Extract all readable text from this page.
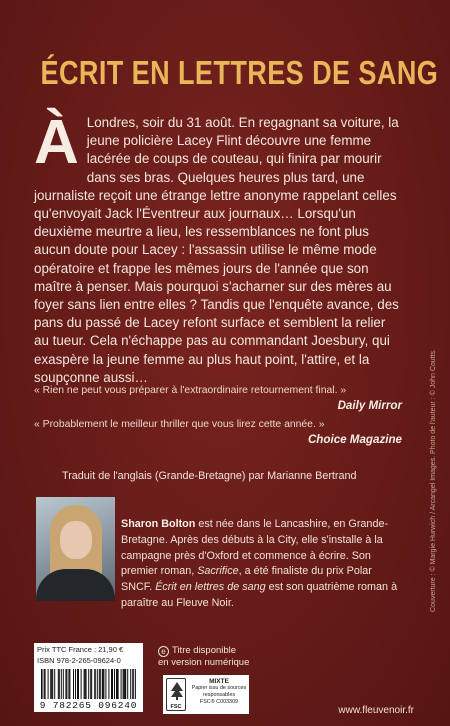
ÉCRIT EN LETTRES DE SANG
À Londres, soir du 31 août. En regagnant sa voiture, la jeune policière Lacey Flint découvre une femme lacérée de coups de couteau, qui finira par mourir dans ses bras. Quelques heures plus tard, une journaliste reçoit une étrange lettre anonyme rappelant celles qu'envoyait Jack l'Éventreur aux journaux… Lorsqu'un deuxième meurtre a lieu, les ressemblances ne font plus aucun doute pour Lacey : l'assassin utilise le même mode opératoire et frappe les mêmes jours de l'année que son maître à penser. Mais pourquoi s'acharner sur des mères au foyer sans lien entre elles ? Tandis que l'enquête avance, des pans du passé de Lacey refont surface et semblent la relier au tueur. Cela n'échappe pas au commandant Joesbury, qui exaspère la jeune femme au plus haut point, l'attire, et la soupçonne aussi…
« Rien ne peut vous préparer à l'extraordinaire retournement final. »
Daily Mirror
« Probablement le meilleur thriller que vous lirez cette année. »
Choice Magazine
Traduit de l'anglais (Grande-Bretagne) par Marianne Bertrand
Sharon Bolton est née dans le Lancashire, en Grande-Bretagne. Après des débuts à la City, elle s'installe à la campagne près d'Oxford et commence à écrire. Son premier roman, Sacrifice, a été finaliste du prix Polar SNCF. Écrit en lettres de sang est son quatrième roman à paraître au Fleuve Noir.	Couverture : © Margie Hurwich / Arcangel Images. Photo de l'auteur : © John Coutts.
Prix TTC France : 21,90 €
ISBN 978-2-265-09624-0
9 782265 096240
e Titre disponible
en version numérique
FSC
MIXTE
Papier issu de sources responsables
FSC® C003309
www.fleuvenoir.fr
